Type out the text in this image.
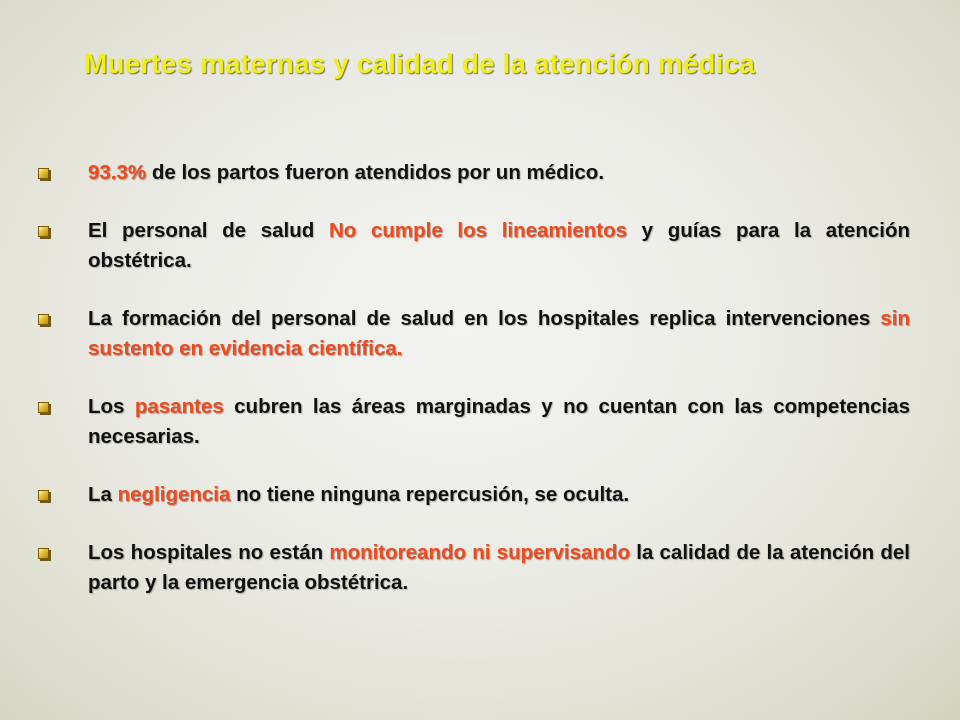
Muertes maternas y calidad de la atención médica
93.3% de los partos fueron atendidos por un médico.
El personal de salud No cumple los lineamientos y guías para la atención obstétrica.
La formación del personal de salud en los hospitales replica intervenciones sin sustento en evidencia científica.
Los pasantes cubren las áreas marginadas y no cuentan con las competencias necesarias.
La negligencia no tiene ninguna repercusión, se oculta.
Los hospitales no están monitoreando ni supervisando la calidad de la atención del parto y la emergencia obstétrica.
